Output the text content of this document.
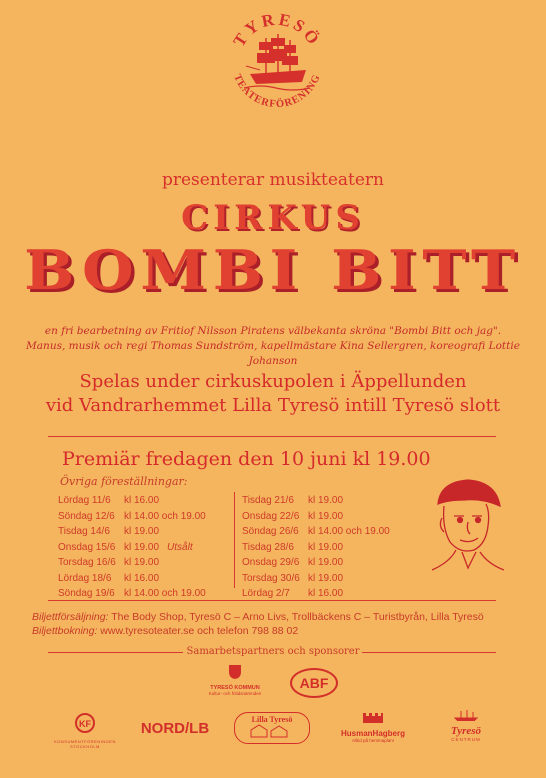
TYRESÖ
TEATERFÖRENING
presenterar musikteatern
CIRKUS
BOMBI BITT
en fri bearbetning av Fritiof Nilsson Piratens välbekanta skröna "Bombi Bitt och jag".
Manus, musik och regi Thomas Sundström, kapellmästare Kina Sellergren, koreografi Lottie Johanson
Spelas under cirkuskupolen i Äppellunden
vid Vandrarhemmet Lilla Tyresö intill Tyresö slott
Premiär fredagen den 10 juni kl 19.00
Övriga föreställningar:
Lördag 11/6 kl 16.00
Söndag 12/6 kl 14.00 och 19.00
Tisdag 14/6 kl 19.00
Onsdag 15/6 kl 19.00 Utsålt
Torsdag 16/6 kl 19.00
Lördag 18/6 kl 16.00
Söndag 19/6 kl 14.00 och 19.00
Tisdag 21/6 kl 19.00
Onsdag 22/6 kl 19.00
Söndag 26/6 kl 14.00 och 19.00
Tisdag 28/6 kl 19.00
Onsdag 29/6 kl 19.00
Torsdag 30/6 kl 19.00
Lördag 2/7 kl 16.00
Biljettförsäljning: The Body Shop, Tyresö C – Arno Livs, Trollbäckens C – Turistbyrån, Lilla Tyresö
Biljettbokning: www.tyresoteater.se och telefon 798 88 02
Samarbetspartners och sponsorer
TYRESÖ KOMMUN
Kultur- och fritidsnämnden
ABF
KF
KONSUMENTFÖRENINGEN STOCKHOLM
NORD/LB
Lilla Tyresö
HusmanHagberg
Alltid på hemmaplan!
Tyresö
CENTRUM
